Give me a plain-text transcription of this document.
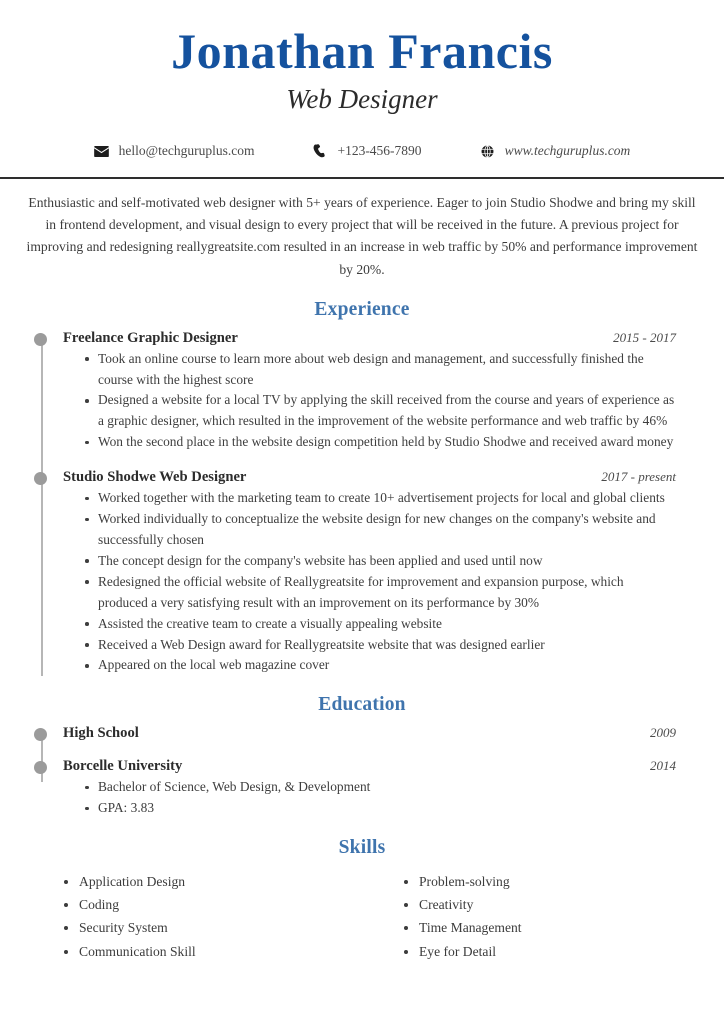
Jonathan Francis
Web Designer
hello@techguruplus.com	+123-456-7890	www.techguruplus.com
Enthusiastic and self-motivated web designer with 5+ years of experience. Eager to join Studio Shodwe and bring my skill in frontend development, and visual design to every project that will be received in the future. A previous project for improving and redesigning reallygreatsite.com resulted in an increase in web traffic by 50% and performance improvement by 20%.
Experience
Freelance Graphic Designer	2015 - 2017
Took an online course to learn more about web design and management, and successfully finished the course with the highest score
Designed a website for a local TV by applying the skill received from the course and years of experience as a graphic designer, which resulted in the improvement of the website performance and web traffic by 46%
Won the second place in the website design competition held by Studio Shodwe and received award money
Studio Shodwe Web Designer	2017 - present
Worked together with the marketing team to create 10+ advertisement projects for local and global clients
Worked individually to conceptualize the website design for new changes on the company's website and successfully chosen
The concept design for the company's website has been applied and used until now
Redesigned the official website of Reallygreatsite for improvement and expansion purpose, which produced a very satisfying result with an improvement on its performance by 30%
Assisted the creative team to create a visually appealing website
Received a Web Design award for Reallygreatsite website that was designed earlier
Appeared on the local web magazine cover
Education
High School	2009
Borcelle University	2014
Bachelor of Science, Web Design, & Development
GPA: 3.83
Skills
Application Design
Coding
Security System
Communication Skill
Problem-solving
Creativity
Time Management
Eye for Detail
